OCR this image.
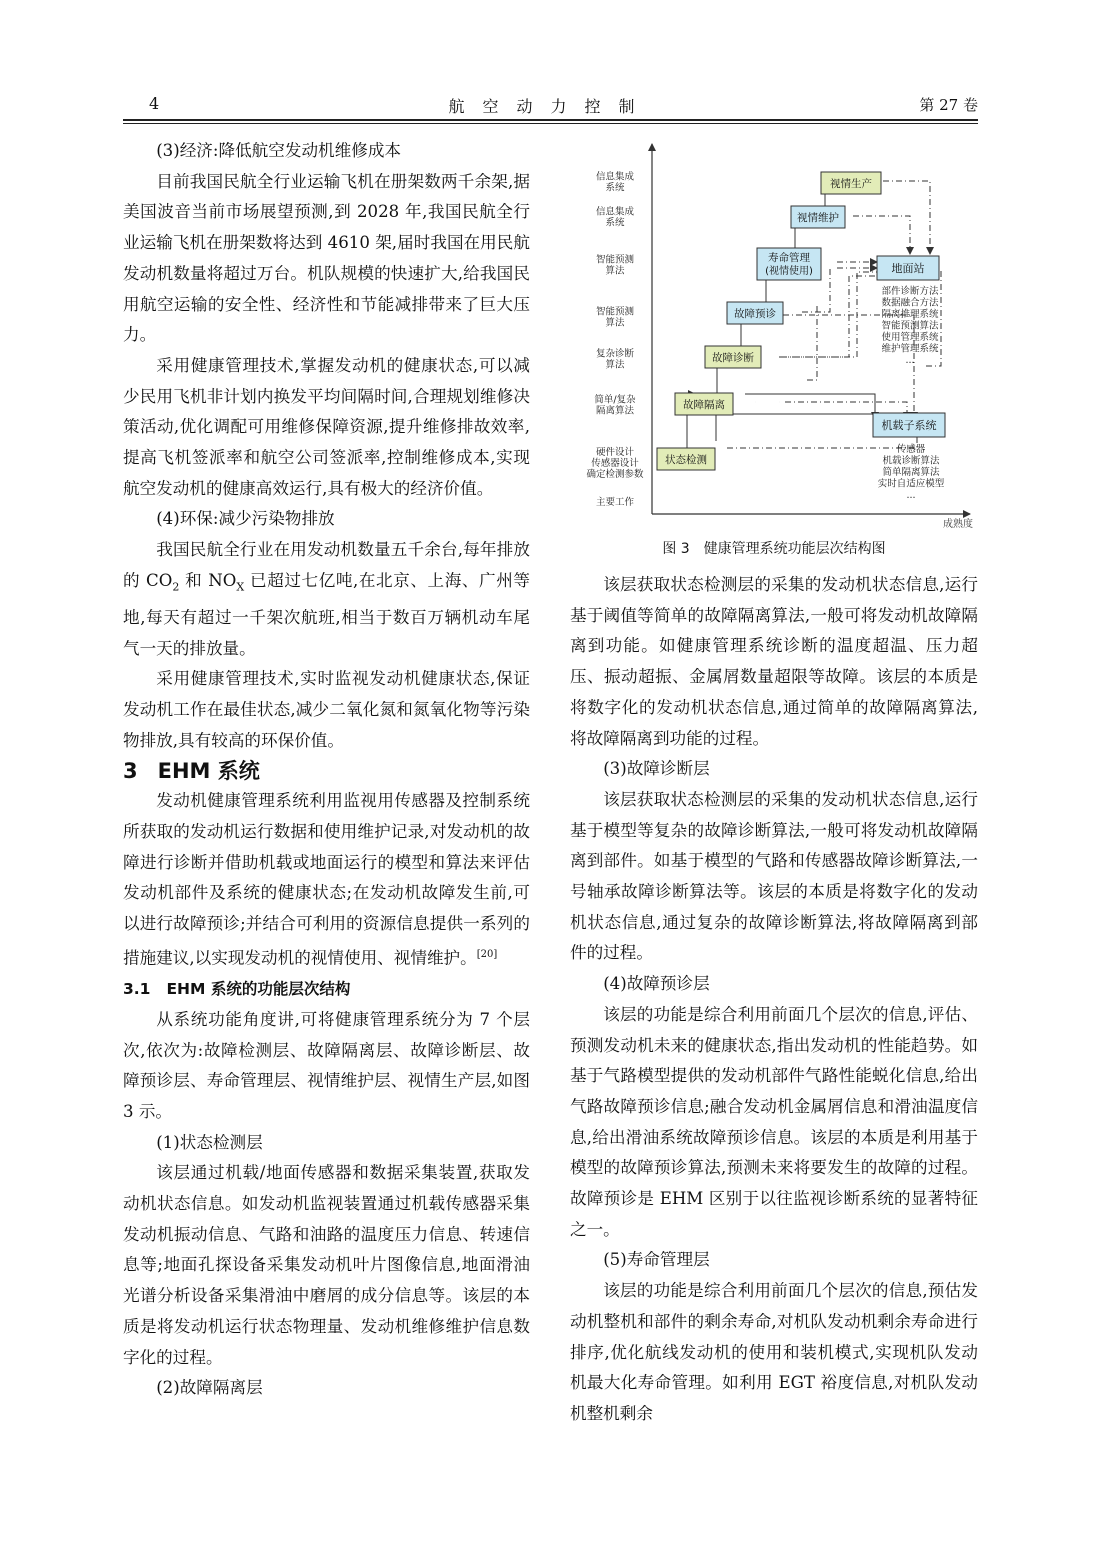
4	航空动力控制	第 27 卷

(3)经济:降低航空发动机维修成本

目前我国民航全行业运输飞机在册架数两千余架,据美国波音当前市场展望预测,到 2028 年,我国民航全行业运输飞机在册架数将达到 4610 架,届时我国在用民航发动机数量将超过万台。机队规模的快速扩大,给我国民用航空运输的安全性、经济性和节能减排带来了巨大压力。

采用健康管理技术,掌握发动机的健康状态,可以减少民用飞机非计划内换发平均间隔时间,合理规划维修决策活动,优化调配可用维修保障资源,提升维修排故效率,提高飞机签派率和航空公司签派率,控制维修成本,实现航空发动机的健康高效运行,具有极大的经济价值。

(4)环保:减少污染物排放

我国民航全行业在用发动机数量五千余台,每年排放的 $CO_2$ 和 $NO_X$ 已超过七亿吨,在北京、上海、广州等地,每天有超过一千架次航班,相当于数百万辆机动车尾气一天的排放量。

采用健康管理技术,实时监视发动机健康状态,保证发动机工作在最佳状态,减少二氧化氮和氮氧化物等污染物排放,具有较高的环保价值。

3 EHM 系统

发动机健康管理系统利用监视用传感器及控制系统所获取的发动机运行数据和使用维护记录,对发动机的故障进行诊断并借助机载或地面运行的模型和算法来评估发动机部件及系统的健康状态;在发动机故障发生前,可以进行故障预诊;并结合可利用的资源信息提供一系列的措施建议,以实现发动机的视情使用、视情维护。[20]

3.1 EHM 系统的功能层次结构

从系统功能角度讲,可将健康管理系统分为 7 个层次,依次为:故障检测层、故障隔离层、故障诊断层、故障预诊层、寿命管理层、视情维护层、视情生产层,如图 3 示。

(1)状态检测层

该层通过机载/地面传感器和数据采集装置,获取发动机状态信息。如发动机监视装置通过机载传感器采集发动机振动信息、气路和油路的温度压力信息、转速信息等;地面孔探设备采集发动机叶片图像信息,地面滑油光谱分析设备采集滑油中磨屑的成分信息等。该层的本质是将发动机运行状态物理量、发动机维修维护信息数字化的过程。

(2)故障隔离层

成熟度
信息集成
系统
信息集成
系统
智能预测
算法
智能预测
算法
复杂诊断
算法
简单/复杂
隔离算法
硬件设计
传感器设计
确定检测参数
主要工作
状态检测
故障隔离
故障诊断
故障预诊
寿命管理
(视情使用)
视情维护
视情生产
地面站
部件诊断方法
数据融合方法
隔离推理系统
智能预测算法
使用管理系统
维护管理系统
...
机载子系统
传感器
机载诊断算法
简单隔离算法
实时自适应模型
...
图 3 健康管理系统功能层次结构图

该层获取状态检测层的采集的发动机状态信息,运行基于阈值等简单的故障隔离算法,一般可将发动机故障隔离到功能。如健康管理系统诊断的温度超温、压力超压、振动超振、金属屑数量超限等故障。该层的本质是将数字化的发动机状态信息,通过简单的故障隔离算法,将故障隔离到功能的过程。

(3)故障诊断层

该层获取状态检测层的采集的发动机状态信息,运行基于模型等复杂的故障诊断算法,一般可将发动机故障隔离到部件。如基于模型的气路和传感器故障诊断算法,一号轴承故障诊断算法等。该层的本质是将数字化的发动机状态信息,通过复杂的故障诊断算法,将故障隔离到部件的过程。

(4)故障预诊层

该层的功能是综合利用前面几个层次的信息,评估、预测发动机未来的健康状态,指出发动机的性能趋势。如基于气路模型提供的发动机部件气路性能蜕化信息,给出气路故障预诊信息;融合发动机金属屑信息和滑油温度信息,给出滑油系统故障预诊信息。该层的本质是利用基于模型的故障预诊算法,预测未来将要发生的故障的过程。故障预诊是 EHM 区别于以往监视诊断系统的显著特征之一。

(5)寿命管理层

该层的功能是综合利用前面几个层次的信息,预估发动机整机和部件的剩余寿命,对机队发动机剩余寿命进行排序,优化航线发动机的使用和装机模式,实现机队发动机最大化寿命管理。如利用 EGT 裕度信息,对机队发动机整机剩余
